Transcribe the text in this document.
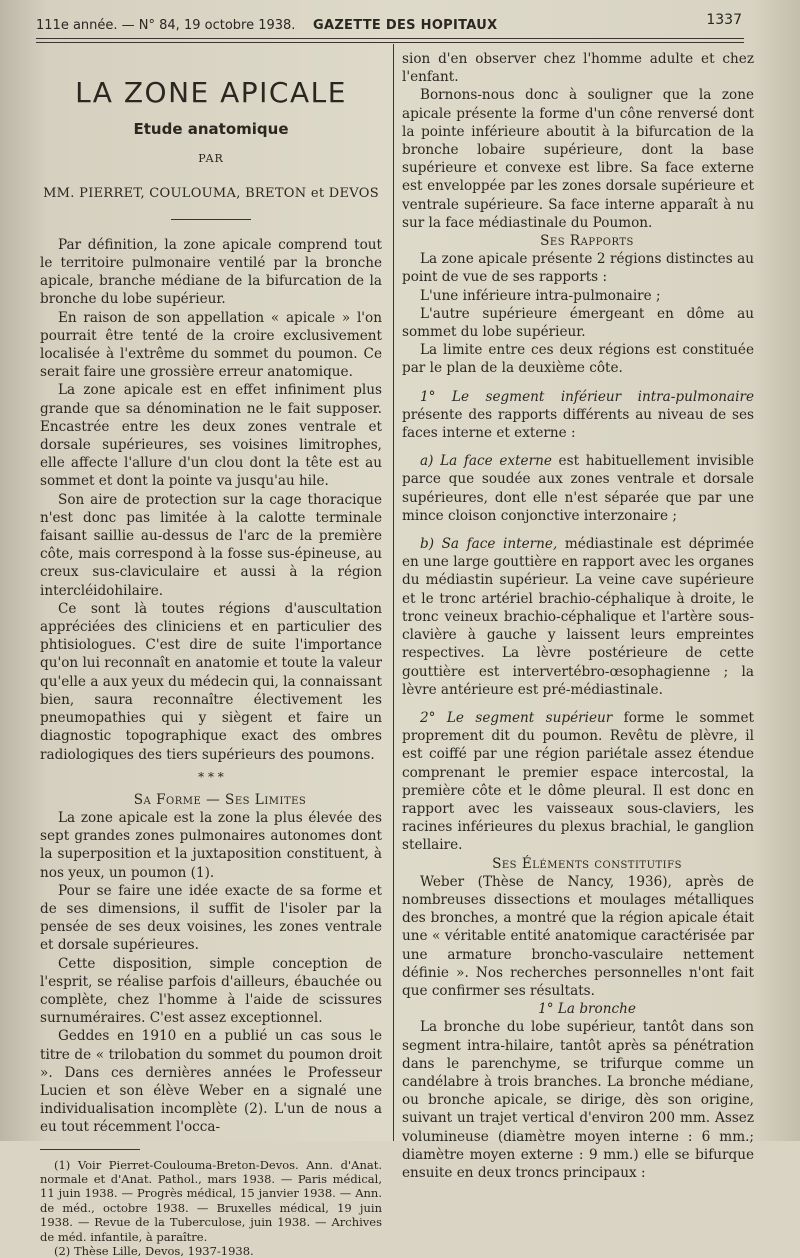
111e année. — N° 84, 19 octobre 1938. GAZETTE DES HOPITAUX	1337
LA ZONE APICALE
Etude anatomique
PAR
MM. PIERRET, COULOUMA, BRETON et DEVOS

Par définition, la zone apicale comprend tout le territoire pulmonaire ventilé par la bronche apicale, branche médiane de la bifurcation de la bronche du lobe supérieur.

En raison de son appellation « apicale » l'on pourrait être tenté de la croire exclusivement localisée à l'extrême du sommet du poumon. Ce serait faire une grossière erreur anatomique.

La zone apicale est en effet infiniment plus grande que sa dénomination ne le fait supposer. Encastrée entre les deux zones ventrale et dorsale supérieures, ses voisines limitrophes, elle affecte l'allure d'un clou dont la tête est au sommet et dont la pointe va jusqu'au hile.

Son aire de protection sur la cage thoracique n'est donc pas limitée à la calotte terminale faisant saillie au-dessus de l'arc de la première côte, mais correspond à la fosse sus-épineuse, au creux sus-claviculaire et aussi à la région intercléidohilaire.

Ce sont là toutes régions d'auscultation appréciées des cliniciens et en particulier des phtisiologues. C'est dire de suite l'importance qu'on lui reconnaît en anatomie et toute la valeur qu'elle a aux yeux du médecin qui, la connaissant bien, saura reconnaître électivement les pneumopathies qui y siègent et faire un diagnostic topographique exact des ombres radiologiques des tiers supérieurs des poumons.

* * *

Sa Forme — Ses Limites

La zone apicale est la zone la plus élevée des sept grandes zones pulmonaires autonomes dont la superposition et la juxtaposition constituent, à nos yeux, un poumon (1).

Pour se faire une idée exacte de sa forme et de ses dimensions, il suffit de l'isoler par la pensée de ses deux voisines, les zones ventrale et dorsale supérieures.

Cette disposition, simple conception de l'esprit, se réalise parfois d'ailleurs, ébauchée ou complète, chez l'homme à l'aide de scissures surnuméraires. C'est assez exceptionnel.

Geddes en 1910 en a publié un cas sous le titre de « trilobation du sommet du poumon droit ». Dans ces dernières années le Professeur Lucien et son élève Weber en a signalé une individualisation incomplète (2). L'un de nous a eu tout récemment l'occa-

(1) Voir Pierret-Coulouma-Breton-Devos. Ann. d'Anat. normale et d'Anat. Pathol., mars 1938. — Paris médical, 11 juin 1938. — Progrès médical, 15 janvier 1938. — Ann. de méd., octobre 1938. — Bruxelles médical, 19 juin 1938. — Revue de la Tuberculose, juin 1938. — Archives de méd. infantile, à paraître.

(2) Thèse Lille, Devos, 1937-1938.

sion d'en observer chez l'homme adulte et chez l'enfant.

Bornons-nous donc à souligner que la zone apicale présente la forme d'un cône renversé dont la pointe inférieure aboutit à la bifurcation de la bronche lobaire supérieure, dont la base supérieure et convexe est libre. Sa face externe est enveloppée par les zones dorsale supérieure et ventrale supérieure. Sa face interne apparaît à nu sur la face médiastinale du Poumon.

Ses Rapports

La zone apicale présente 2 régions distinctes au point de vue de ses rapports :

L'une inférieure intra-pulmonaire ;

L'autre supérieure émergeant en dôme au sommet du lobe supérieur.

La limite entre ces deux régions est constituée par le plan de la deuxième côte.

1° Le segment inférieur intra-pulmonaire présente des rapports différents au niveau de ses faces interne et externe :

a) La face externe est habituellement invisible parce que soudée aux zones ventrale et dorsale supérieures, dont elle n'est séparée que par une mince cloison conjonctive interzonaire ;

b) Sa face interne, médiastinale est déprimée en une large gouttière en rapport avec les organes du médiastin supérieur. La veine cave supérieure et le tronc artériel brachio-céphalique à droite, le tronc veineux brachio-céphalique et l'artère sous-clavière à gauche y laissent leurs empreintes respectives. La lèvre postérieure de cette gouttière est intervertébro-œsophagienne ; la lèvre antérieure est pré-médiastinale.

2° Le segment supérieur forme le sommet proprement dit du poumon. Revêtu de plèvre, il est coiffé par une région pariétale assez étendue comprenant le premier espace intercostal, la première côte et le dôme pleural. Il est donc en rapport avec les vaisseaux sous-claviers, les racines inférieures du plexus brachial, le ganglion stellaire.

Ses Éléments constitutifs

Weber (Thèse de Nancy, 1936), après de nombreuses dissections et moulages métalliques des bronches, a montré que la région apicale était une « véritable entité anatomique caractérisée par une armature broncho-vasculaire nettement définie ». Nos recherches personnelles n'ont fait que confirmer ses résultats.

1° La bronche

La bronche du lobe supérieur, tantôt dans son segment intra-hilaire, tantôt après sa pénétration dans le parenchyme, se trifurque comme un candélabre à trois branches. La bronche médiane, ou bronche apicale, se dirige, dès son origine, suivant un trajet vertical d'environ 200 mm. Assez volumineuse (diamètre moyen interne : 6 mm.; diamètre moyen externe : 9 mm.) elle se bifurque ensuite en deux troncs principaux :
